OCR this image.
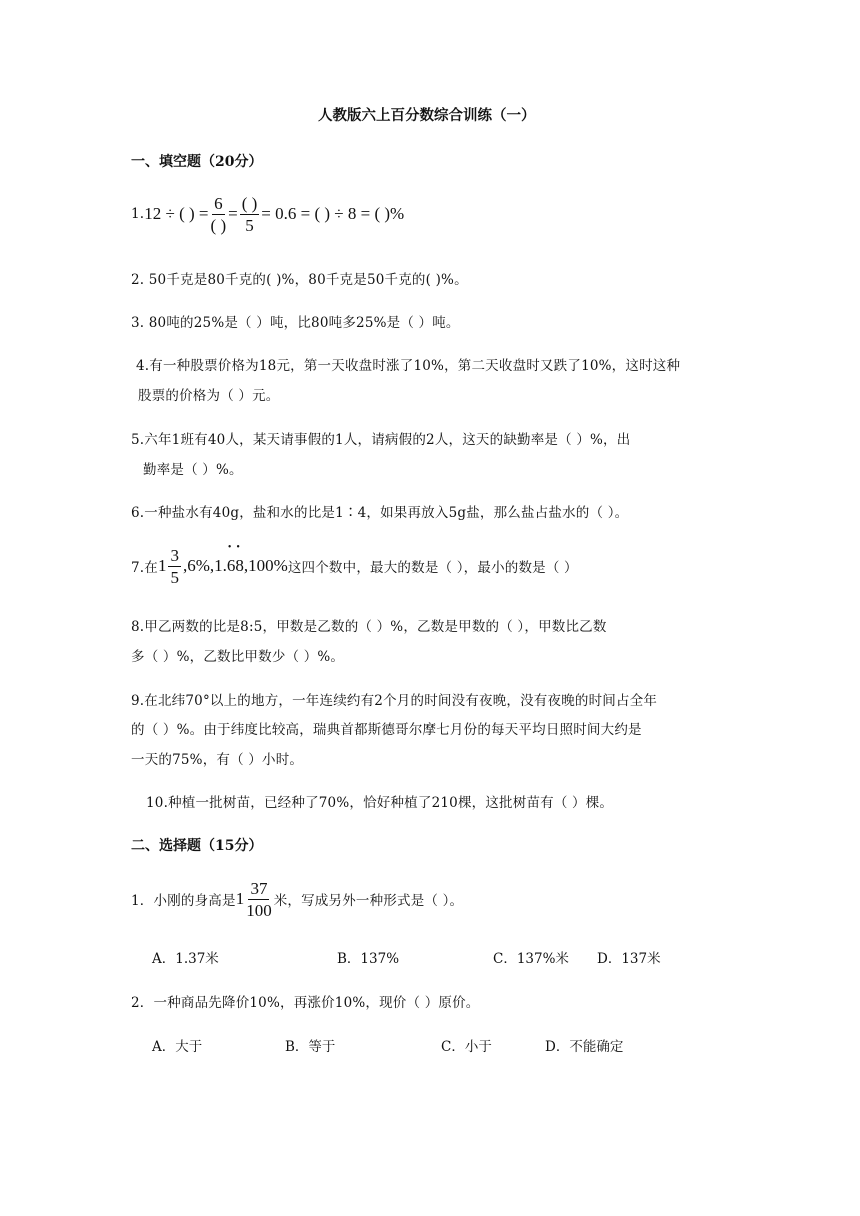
人教版六上百分数综合训练（一）
一、填空题（20分）
1. 12 ÷ ( ) = $\frac{6}{( )} = \frac{( )}{5} = 0.6$ = ( ) ÷ 8 = ( )%
2. 50千克是80千克的( )%，80千克是50千克的( )%。
3. 80吨的25%是（ ）吨，比80吨多25%是（ ）吨。
4.有一种股票价格为18元，第一天收盘时涨了10%，第二天收盘时又跌了10%，这时这种
股票的价格为（ ）元。
5.六年1班有40人，某天请事假的1人，请病假的2人，这天的缺勤率是（ ）%，出
勤率是（ ）%。
6.一种盐水有40g，盐和水的比是1∶4，如果再放入5g盐，那么盐占盐水的（ ）。
7.在 $1 \frac{3}{5} ,6\%,1$. • 6 • 8 ,100% 这四个数中，最大的数是（ ），最小的数是（ ）
8.甲乙两数的比是8:5，甲数是乙数的（ ）%，乙数是甲数的（ ），甲数比乙数
多（ ）%，乙数比甲数少（ ）%。
9.在北纬70°以上的地方，一年连续约有2个月的时间没有夜晚，没有夜晚的时间占全年
的（ ）%。由于纬度比较高，瑞典首都斯德哥尔摩七月份的每天平均日照时间大约是
一天的75%，有（ ）小时。
10.种植一批树苗，已经种了70%，恰好种植了210棵，这批树苗有（ ）棵。
二、选择题（15分）
1．小刚的身高是 $1 \frac{37}{100}$ 米，写成另外一种形式是（ ）。
A．1.37米	B．137%	C．137%米 D．137米
2．一种商品先降价10%，再涨价10%，现价（ ）原价。
A．大于	B．等于	C．小于	D．不能确定
